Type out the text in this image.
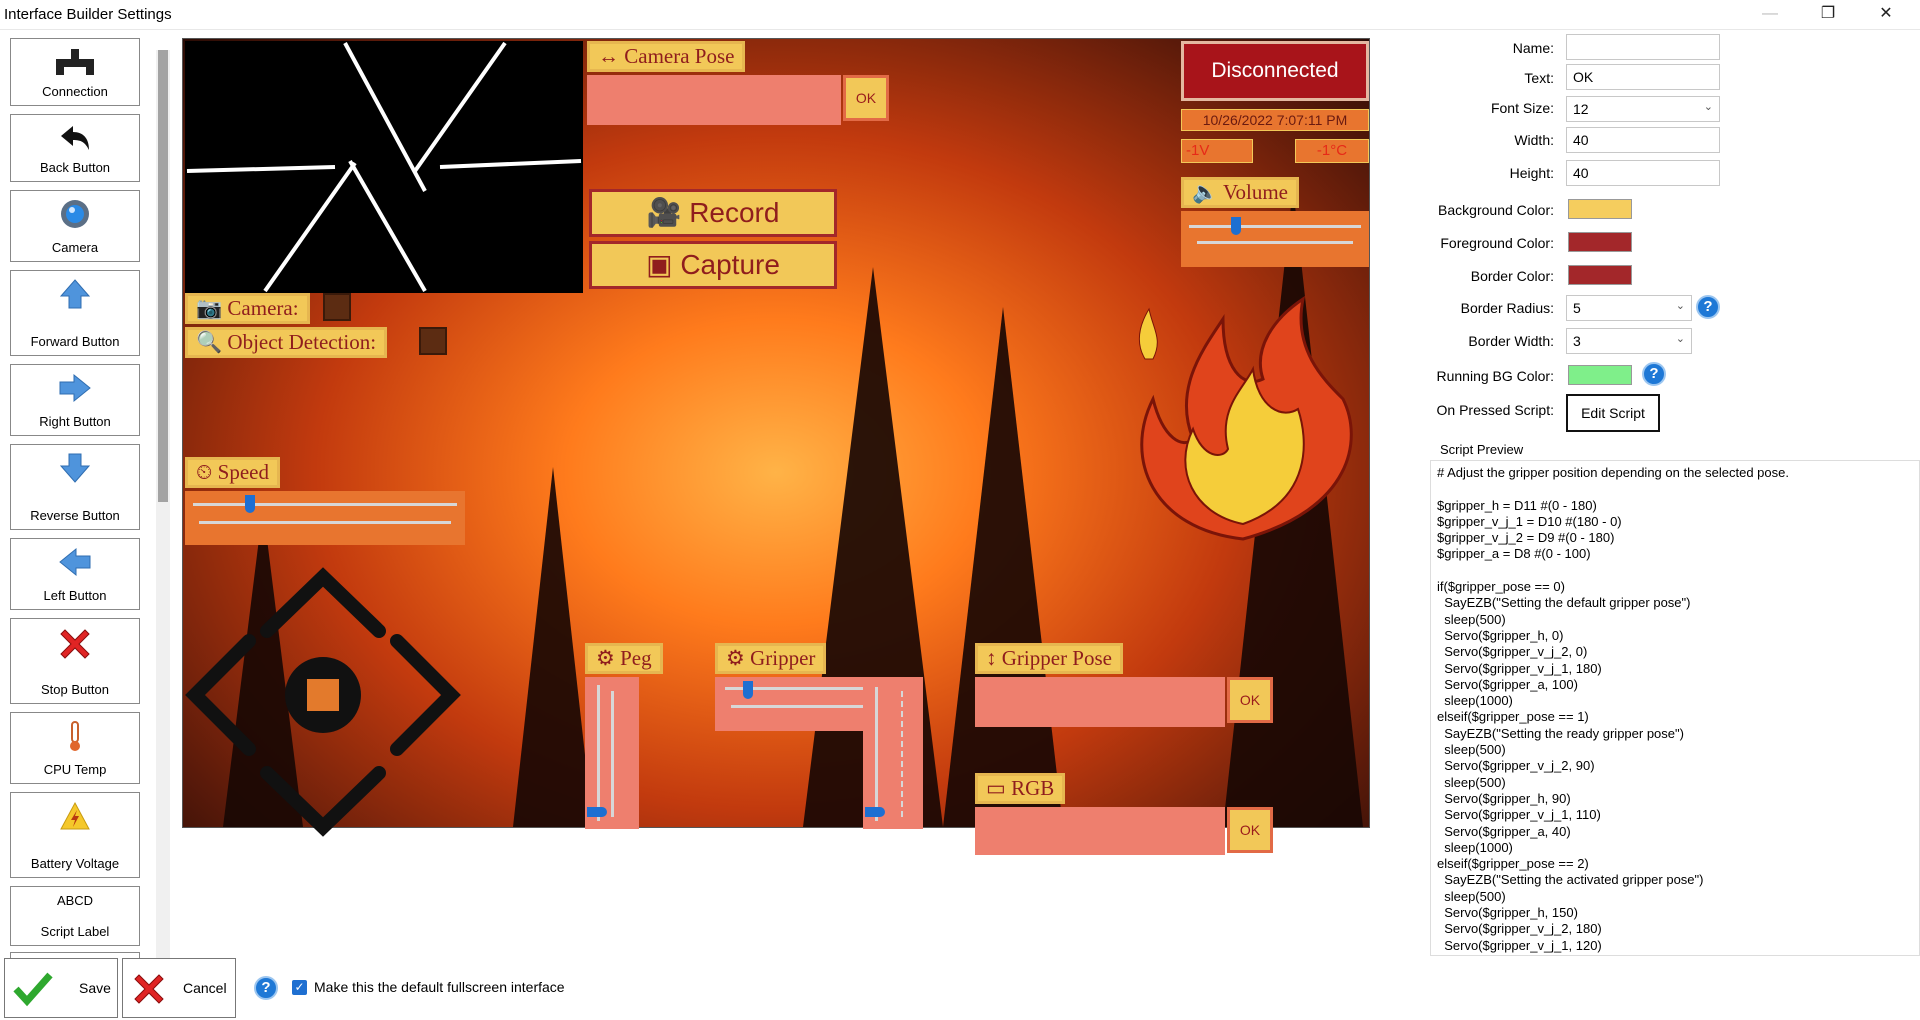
Interface Builder Settings	—	❐	✕
Connection
Back Button
Camera
Forward Button
Right Button
Reverse Button
Left Button
Stop Button
CPU Temp
Battery Voltage
ABCD
Script Label
↔ Camera Pose
OK
🎥 Record
▣ Capture
Disconnected
10/26/2022 7:07:11 PM
-1V	-1°C
🔈 Volume
📷 Camera:
🔍 Object Detection:
⏲ Speed
⚙ Peg	⚙ Gripper	↕ Gripper Pose
OK
▭ RGB
OK
Name:
Text:	OK
Font Size:	12	⌄
Width:	40
Height:	40
Background Color:
Foreground Color:
Border Color:
Border Radius:	5	⌄	?
Border Width:	3	⌄
Running BG Color:	?
On Pressed Script:	Edit Script
Script Preview
# Adjust the gripper position depending on the selected pose.

$gripper_h = D11 #(0 - 180)
$gripper_v_j_1 = D10 #(180 - 0)
$gripper_v_j_2 = D9 #(0 - 180)
$gripper_a = D8 #(0 - 100)

if($gripper_pose == 0)
SayEZB("Setting the default gripper pose")
sleep(500)
Servo($gripper_h, 0)
Servo($gripper_v_j_2, 0)
Servo($gripper_v_j_1, 180)
Servo($gripper_a, 100)
sleep(1000)
elseif($gripper_pose == 1)
SayEZB("Setting the ready gripper pose")
sleep(500)
Servo($gripper_v_j_2, 90)
sleep(500)
Servo($gripper_h, 90)
Servo($gripper_v_j_1, 110)
Servo($gripper_a, 40)
sleep(1000)
elseif($gripper_pose == 2)
SayEZB("Setting the activated gripper pose")
sleep(500)
Servo($gripper_h, 150)
Servo($gripper_v_j_2, 180)
Servo($gripper_v_j_1, 120)
Save	Cancel	?	✓ Make this the default fullscreen interface
